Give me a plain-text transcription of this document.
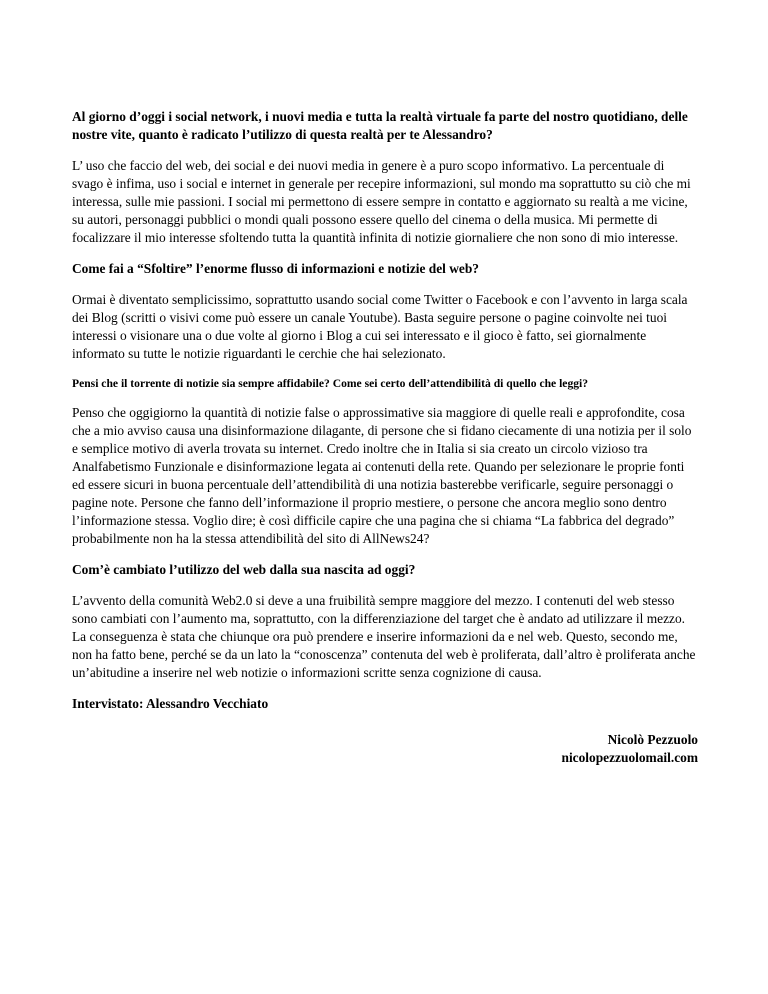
Al giorno d’oggi i social network, i nuovi media e tutta la realtà virtuale fa parte del nostro quotidiano, delle nostre vite, quanto è radicato l’utilizzo di questa realtà per te Alessandro?

L’ uso che faccio del web, dei social e dei nuovi media in genere è a puro scopo informativo. La percentuale di svago è infima, uso i social e internet in generale per recepire informazioni, sul mondo ma soprattutto su ciò che mi interessa, sulle mie passioni. I social mi permettono di essere sempre in contatto e aggiornato su realtà a me vicine, su autori, personaggi pubblici o mondi quali possono essere quello del cinema o della musica. Mi permette di focalizzare il mio interesse sfoltendo tutta la quantità infinita di notizie giornaliere che non sono di mio interesse.

Come fai a “Sfoltire” l’enorme flusso di informazioni e notizie del web?

Ormai è diventato semplicissimo, soprattutto usando social come Twitter o Facebook e con l’avvento in larga scala dei Blog (scritti o visivi come può essere un canale Youtube). Basta seguire persone o pagine coinvolte nei tuoi interessi o visionare una o due volte al giorno i Blog a cui sei interessato e il gioco è fatto, sei giornalmente informato su tutte le notizie riguardanti le cerchie che hai selezionato.

Pensi che il torrente di notizie sia sempre affidabile? Come sei certo dell’attendibilità di quello che leggi?

Penso che oggigiorno la quantità di notizie false o approssimative sia maggiore di quelle reali e approfondite, cosa che a mio avviso causa una disinformazione dilagante, di persone che si fidano ciecamente di una notizia per il solo e semplice motivo di averla trovata su internet. Credo inoltre che in Italia si sia creato un circolo vizioso tra Analfabetismo Funzionale e disinformazione legata ai contenuti della rete. Quando per selezionare le proprie fonti ed essere sicuri in buona percentuale dell’attendibilità di una notizia basterebbe verificarle, seguire personaggi o pagine note. Persone che fanno dell’informazione il proprio mestiere, o persone che ancora meglio sono dentro l’informazione stessa. Voglio dire; è così difficile capire che una pagina che si chiama “La fabbrica del degrado” probabilmente non ha la stessa attendibilità del sito di AllNews24?

Com’è cambiato l’utilizzo del web dalla sua nascita ad oggi?

L’avvento della comunità Web2.0 si deve a una fruibilità sempre maggiore del mezzo. I contenuti del web stesso sono cambiati con l’aumento ma, soprattutto, con la differenziazione del target che è andato ad utilizzare il mezzo. La conseguenza è stata che chiunque ora può prendere e inserire informazioni da e nel web. Questo, secondo me, non ha fatto bene, perché se da un lato la “conoscenza” contenuta del web è proliferata, dall’altro è proliferata anche un’abitudine a inserire nel web notizie o informazioni scritte senza cognizione di causa.

Intervistato: Alessandro Vecchiato

Nicolò Pezzuolo
nicolopezzuolomail.com
